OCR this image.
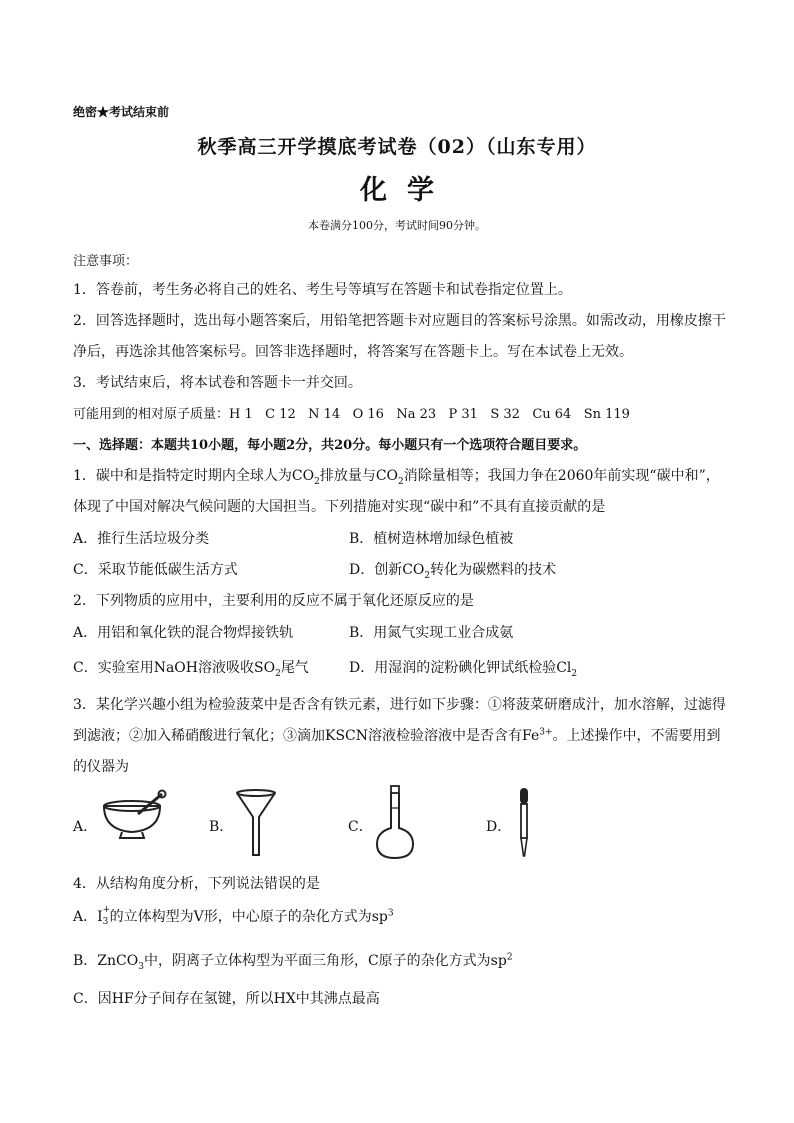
绝密★考试结束前
秋季高三开学摸底考试卷（02）（山东专用）
化学
本卷满分100分，考试时间90分钟。
注意事项：
1．答卷前，考生务必将自己的姓名、考生号等填写在答题卡和试卷指定位置上。
2．回答选择题时，选出每小题答案后，用铅笔把答题卡对应题目的答案标号涂黑。如需改动，用橡皮擦干
净后，再选涂其他答案标号。回答非选择题时，将答案写在答题卡上。写在本试卷上无效。
3．考试结束后，将本试卷和答题卡一并交回。
可能用到的相对原子质量：H 1   C 12   N 14   O 16   Na 23   P 31   S 32   Cu 64   Sn 119
一、选择题：本题共10小题，每小题2分，共20分。每小题只有一个选项符合题目要求。
1．碳中和是指特定时期内全球人为$CO_2$排放量与$CO_2$消除量相等；我国力争在2060年前实现“碳中和”，
体现了中国对解决气候问题的大国担当。下列措施对实现“碳中和”不具有直接贡献的是
A．推行生活垃圾分类	B．植树造林增加绿色植被
C．采取节能低碳生活方式	D．创新$CO_2$转化为碳燃料的技术
2．下列物质的应用中，主要利用的反应不属于氧化还原反应的是
A．用铝和氧化铁的混合物焊接铁轨	B．用氮气实现工业合成氨
C．实验室用NaOH溶液吸收$SO_2$尾气	D．用湿润的淀粉碘化钾试纸检验$Cl_2$
3．某化学兴趣小组为检验菠菜中是否含有铁元素，进行如下步骤：①将菠菜研磨成汁，加水溶解，过滤得
到滤液；②加入稀硝酸进行氧化；③滴加KSCN溶液检验溶液中是否含有$Fe^{3+}$。上述操作中，不需要用到
的仪器为
A．	B．	C．	D．
4．从结构角度分析，下列说法错误的是
A．I +
3 的立体构型为V形，中心原子的杂化方式为$sp^3$
B．ZnCO$_3$中，阴离子立体构型为平面三角形，C原子的杂化方式为$sp^2$
C．因HF分子间存在氢键，所以HX中其沸点最高
